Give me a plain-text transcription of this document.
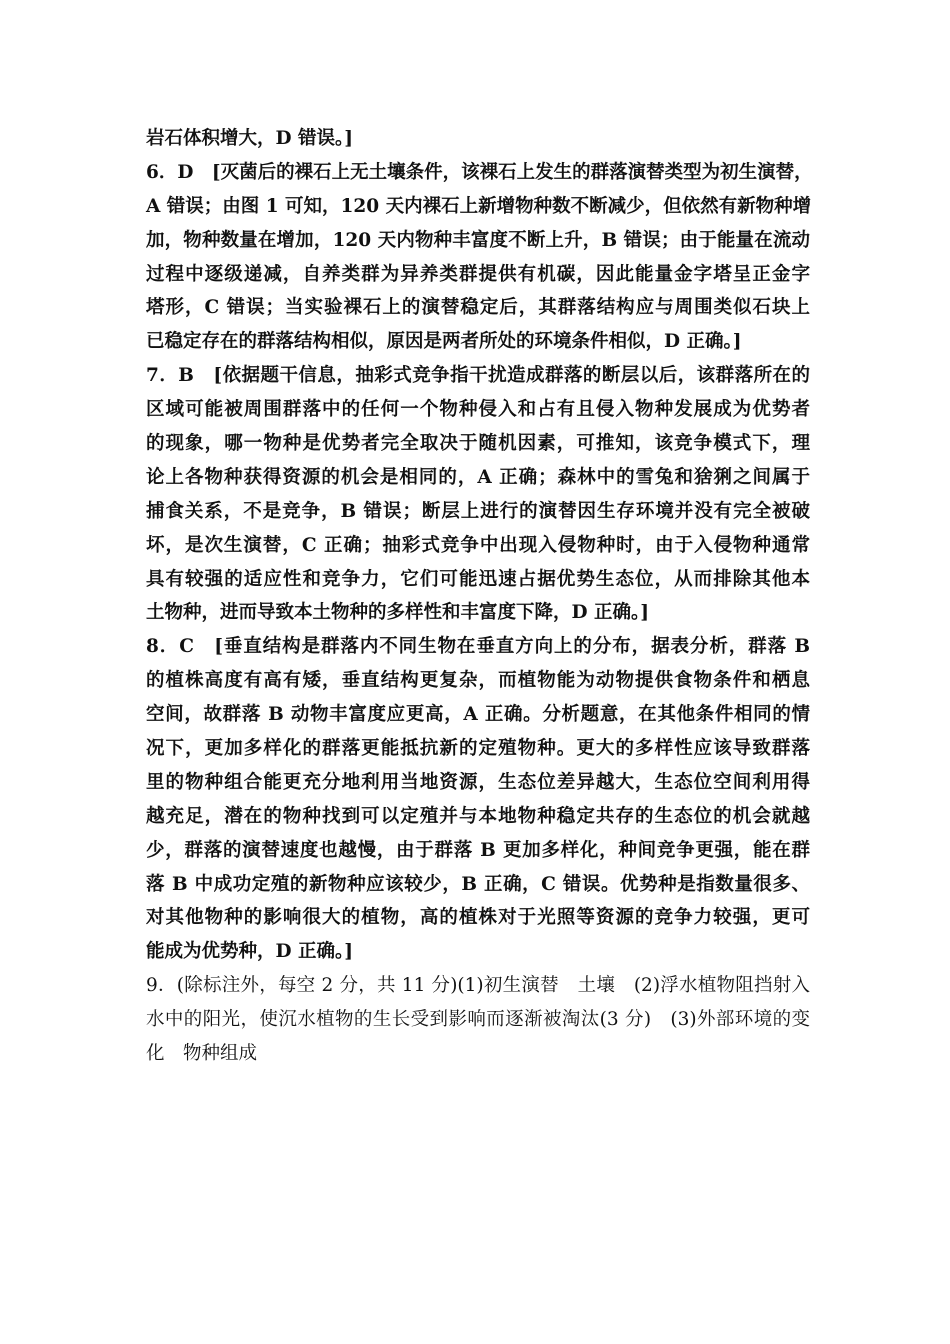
岩石体积增大，D 错误。]
6．D　[灭菌后的裸石上无土壤条件，该裸石上发生的群落演替类型为初生演替，
A 错误；由图 1 可知，120 天内裸石上新增物种数不断减少，但依然有新物种增
加，物种数量在增加，120 天内物种丰富度不断上升，B 错误；由于能量在流动
过程中逐级递减，自养类群为异养类群提供有机碳，因此能量金字塔呈正金字
塔形，C 错误；当实验裸石上的演替稳定后，其群落结构应与周围类似石块上
已稳定存在的群落结构相似，原因是两者所处的环境条件相似，D 正确。]
7．B　[依据题干信息，抽彩式竞争指干扰造成群落的断层以后，该群落所在的
区域可能被周围群落中的任何一个物种侵入和占有且侵入物种发展成为优势者
的现象，哪一物种是优势者完全取决于随机因素，可推知，该竞争模式下，理
论上各物种获得资源的机会是相同的，A 正确；森林中的雪兔和猞猁之间属于
捕食关系，不是竞争，B 错误；断层上进行的演替因生存环境并没有完全被破
坏，是次生演替，C 正确；抽彩式竞争中出现入侵物种时，由于入侵物种通常
具有较强的适应性和竞争力，它们可能迅速占据优势生态位，从而排除其他本
土物种，进而导致本土物种的多样性和丰富度下降，D 正确。]
8．C　[垂直结构是群落内不同生物在垂直方向上的分布，据表分析，群落 B
的植株高度有高有矮，垂直结构更复杂，而植物能为动物提供食物条件和栖息
空间，故群落 B 动物丰富度应更高，A 正确。分析题意，在其他条件相同的情
况下，更加多样化的群落更能抵抗新的定殖物种。更大的多样性应该导致群落
里的物种组合能更充分地利用当地资源，生态位差异越大，生态位空间利用得
越充足，潜在的物种找到可以定殖并与本地物种稳定共存的生态位的机会就越
少，群落的演替速度也越慢，由于群落 B 更加多样化，种间竞争更强，能在群
落 B 中成功定殖的新物种应该较少，B 正确，C 错误。优势种是指数量很多、
对其他物种的影响很大的植物，高的植株对于光照等资源的竞争力较强，更可
能成为优势种，D 正确。]
9．(除标注外，每空 2 分，共 11 分)(1)初生演替　土壤　(2)浮水植物阻挡射入
水中的阳光，使沉水植物的生长受到影响而逐渐被淘汰(3 分)　(3)外部环境的变
化　物种组成
